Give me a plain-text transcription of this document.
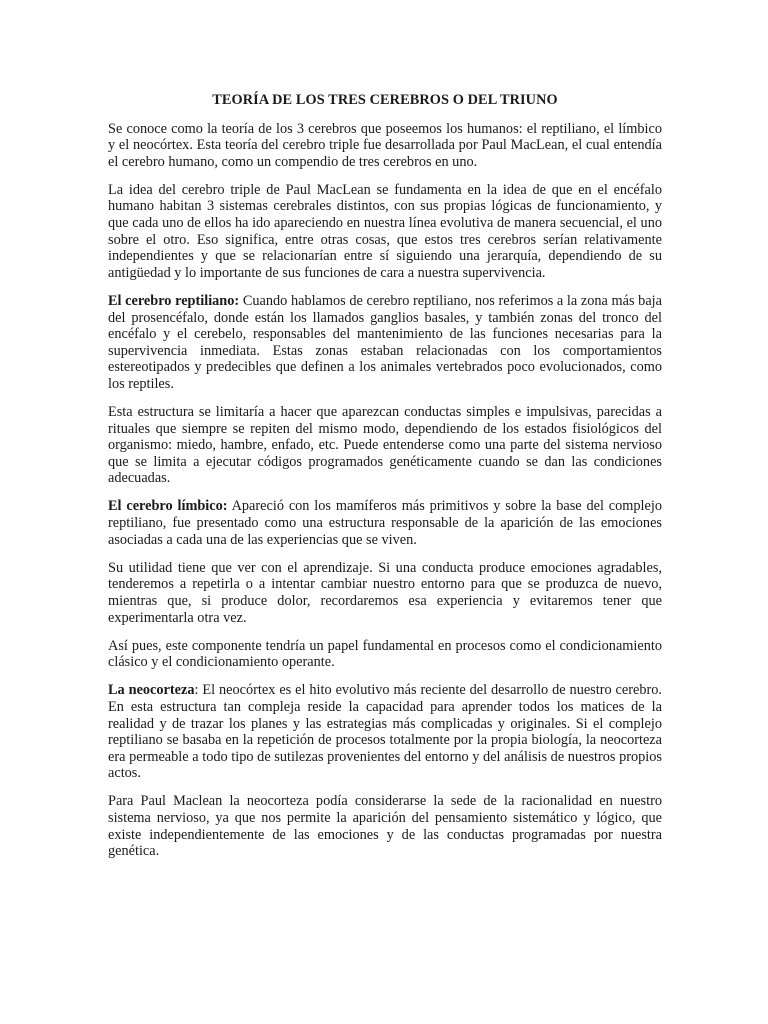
TEORÍA DE LOS TRES CEREBROS O DEL TRIUNO

Se conoce como la teoría de los 3 cerebros que poseemos los humanos: el reptiliano, el límbico y el neocórtex. Esta teoría del cerebro triple fue desarrollada por Paul MacLean, el cual entendía el cerebro humano, como un compendio de tres cerebros en uno.

La idea del cerebro triple de Paul MacLean se fundamenta en la idea de que en el encéfalo humano habitan 3 sistemas cerebrales distintos, con sus propias lógicas de funcionamiento, y que cada uno de ellos ha ido apareciendo en nuestra línea evolutiva de manera secuencial, el uno sobre el otro. Eso significa, entre otras cosas, que estos tres cerebros serían relativamente independientes y que se relacionarían entre sí siguiendo una jerarquía, dependiendo de su antigüedad y lo importante de sus funciones de cara a nuestra supervivencia.

El cerebro reptiliano: Cuando hablamos de cerebro reptiliano, nos referimos a la zona más baja del prosencéfalo, donde están los llamados ganglios basales, y también zonas del tronco del encéfalo y el cerebelo, responsables del mantenimiento de las funciones necesarias para la supervivencia inmediata. Estas zonas estaban relacionadas con los comportamientos estereotipados y predecibles que definen a los animales vertebrados poco evolucionados, como los reptiles.

Esta estructura se limitaría a hacer que aparezcan conductas simples e impulsivas, parecidas a rituales que siempre se repiten del mismo modo, dependiendo de los estados fisiológicos del organismo: miedo, hambre, enfado, etc. Puede entenderse como una parte del sistema nervioso que se limita a ejecutar códigos programados genéticamente cuando se dan las condiciones adecuadas.

El cerebro límbico: Apareció con los mamíferos más primitivos y sobre la base del complejo reptiliano, fue presentado como una estructura responsable de la aparición de las emociones asociadas a cada una de las experiencias que se viven.

Su utilidad tiene que ver con el aprendizaje. Si una conducta produce emociones agradables, tenderemos a repetirla o a intentar cambiar nuestro entorno para que se produzca de nuevo, mientras que, si produce dolor, recordaremos esa experiencia y evitaremos tener que experimentarla otra vez.

Así pues, este componente tendría un papel fundamental en procesos como el condicionamiento clásico y el condicionamiento operante.

La neocorteza: El neocórtex es el hito evolutivo más reciente del desarrollo de nuestro cerebro. En esta estructura tan compleja reside la capacidad para aprender todos los matices de la realidad y de trazar los planes y las estrategias más complicadas y originales. Si el complejo reptiliano se basaba en la repetición de procesos totalmente por la propia biología, la neocorteza era permeable a todo tipo de sutilezas provenientes del entorno y del análisis de nuestros propios actos.

Para Paul Maclean la neocorteza podía considerarse la sede de la racionalidad en nuestro sistema nervioso, ya que nos permite la aparición del pensamiento sistemático y lógico, que existe independientemente de las emociones y de las conductas programadas por nuestra genética.
